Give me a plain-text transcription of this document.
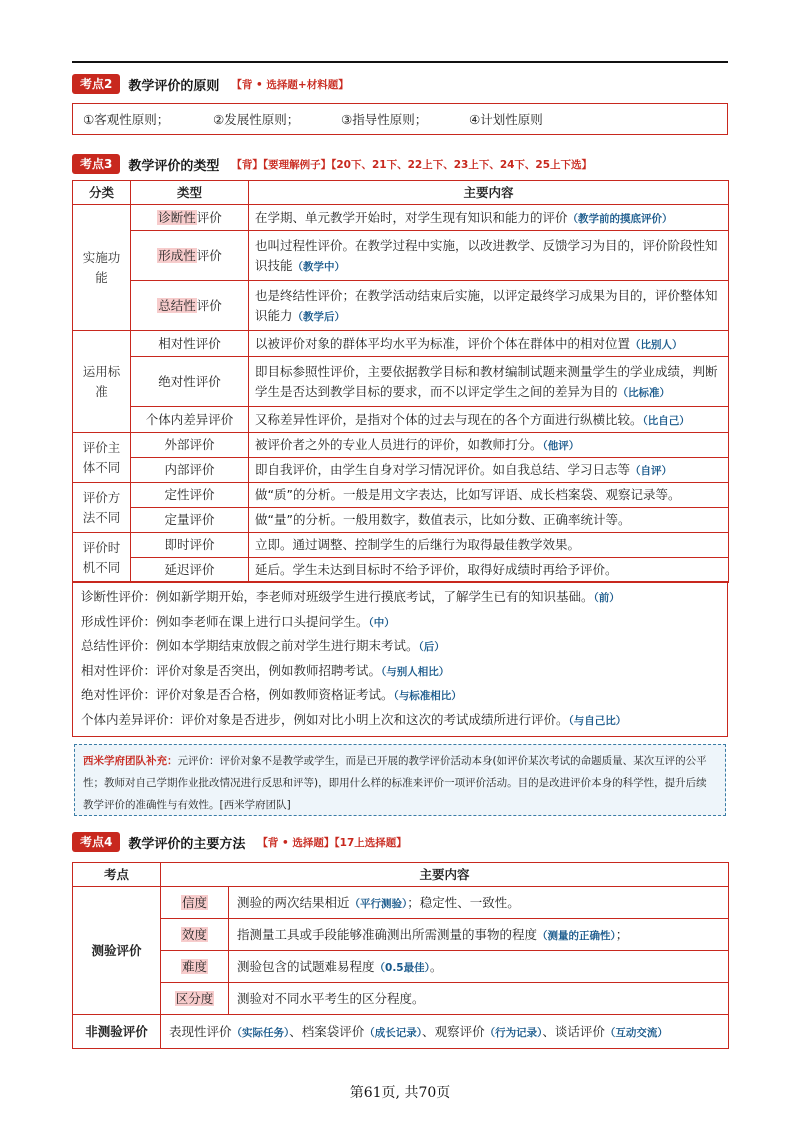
考点2	教学评价的原则 【背 • 选择题+材料题】
①客观性原则；	②发展性原则；	③指导性原则；	④计划性原则
考点3	教学评价的类型 【背】【要理解例子】【20下、21下、22上下、23上下、24下、25上下选】
分类	类型	主要内容
实施功能	诊断性评价	在学期、单元教学开始时，对学生现有知识和能力的评价（教学前的摸底评价）
	形成性评价	也叫过程性评价。在教学过程中实施，以改进教学、反馈学习为目的，评价阶段性知识技能（教学中）
	总结性评价	也是终结性评价；在教学活动结束后实施，以评定最终学习成果为目的，评价整体知识能力（教学后）
运用标准	相对性评价	以被评价对象的群体平均水平为标准，评价个体在群体中的相对位置（比别人）
	绝对性评价	即目标参照性评价，主要依据教学目标和教材编制试题来测量学生的学业成绩，判断学生是否达到教学目标的要求，而不以评定学生之间的差异为目的（比标准）
	个体内差异评价	又称差异性评价，是指对个体的过去与现在的各个方面进行纵横比较。（比自己）
评价主体不同	外部评价	被评价者之外的专业人员进行的评价，如教师打分。（他评）
	内部评价	即自我评价，由学生自身对学习情况评价。如自我总结、学习日志等（自评）
评价方法不同	定性评价	做“质”的分析。一般是用文字表达，比如写评语、成长档案袋、观察记录等。
	定量评价	做“量”的分析。一般用数字，数值表示，比如分数、正确率统计等。
评价时机不同	即时评价	立即。通过调整、控制学生的后继行为取得最佳教学效果。
	延迟评价	延后。学生未达到目标时不给予评价，取得好成绩时再给予评价。
诊断性评价：例如新学期开始，李老师对班级学生进行摸底考试，了解学生已有的知识基础。（前）
形成性评价：例如李老师在课上进行口头提问学生。（中）
总结性评价：例如本学期结束放假之前对学生进行期末考试。（后）
相对性评价：评价对象是否突出，例如教师招聘考试。（与别人相比）
绝对性评价：评价对象是否合格，例如教师资格证考试。（与标准相比）
个体内差异评价：评价对象是否进步，例如对比小明上次和这次的考试成绩所进行评价。（与自己比）
西米学府团队补充：元评价：评价对象不是教学或学生，而是已开展的教学评价活动本身(如评价某次考试的命题质量、某次互评的公平性；教师对自己学期作业批改情况进行反思和评等)，即用什么样的标准来评价一项评价活动。目的是改进评价本身的科学性，提升后续教学评价的准确性与有效性。[西米学府团队]
考点4	教学评价的主要方法 【背 • 选择题】【17上选择题】
考点	主要内容	
测验评价	信度	测验的两次结果相近（平行测验）；稳定性、一致性。
	效度	指测量工具或手段能够准确测出所需测量的事物的程度（测量的正确性）；
	难度	测验包含的试题难易程度（0.5最佳）。
	区分度	测验对不同水平考生的区分程度。
非测验评价	表现性评价（实际任务）、档案袋评价（成长记录）、观察评价（行为记录）、谈话评价（互动交流）	
第61页, 共70页
